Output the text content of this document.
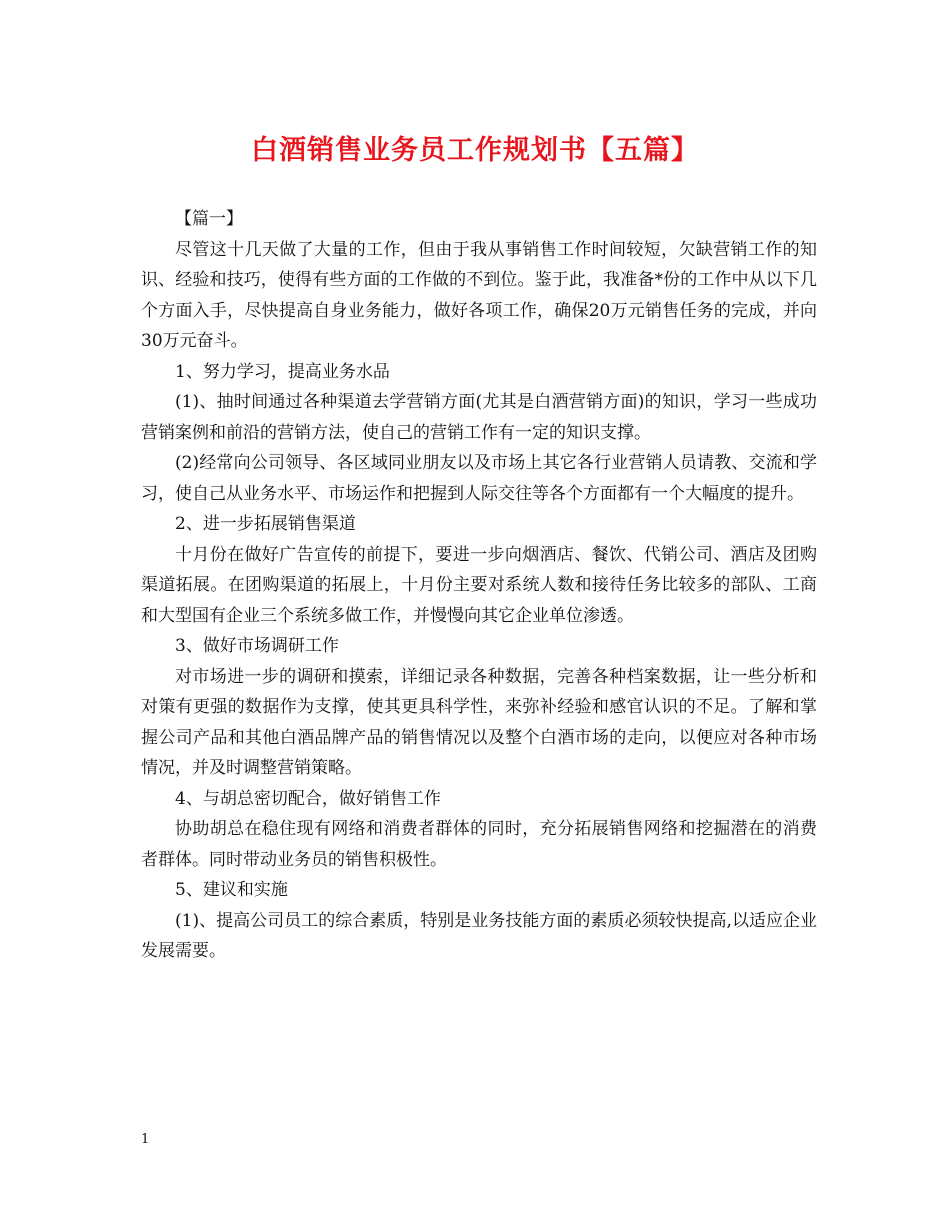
白酒销售业务员工作规划书【五篇】

【篇一】

尽管这十几天做了大量的工作，但由于我从事销售工作时间较短，欠缺营销工作的知识、经验和技巧，使得有些方面的工作做的不到位。鉴于此，我准备*份的工作中从以下几个方面入手，尽快提高自身业务能力，做好各项工作，确保20万元销售任务的完成，并向30万元奋斗。

1、努力学习，提高业务水品

(1)、抽时间通过各种渠道去学营销方面(尤其是白酒营销方面)的知识，学习一些成功营销案例和前沿的营销方法，使自己的营销工作有一定的知识支撑。

(2)经常向公司领导、各区域同业朋友以及市场上其它各行业营销人员请教、交流和学习，使自己从业务水平、市场运作和把握到人际交往等各个方面都有一个大幅度的提升。

2、进一步拓展销售渠道

十月份在做好广告宣传的前提下，要进一步向烟酒店、餐饮、代销公司、酒店及团购渠道拓展。在团购渠道的拓展上，十月份主要对系统人数和接待任务比较多的部队、工商和大型国有企业三个系统多做工作，并慢慢向其它企业单位渗透。

3、做好市场调研工作

对市场进一步的调研和摸索，详细记录各种数据，完善各种档案数据，让一些分析和对策有更强的数据作为支撑，使其更具科学性，来弥补经验和感官认识的不足。了解和掌握公司产品和其他白酒品牌产品的销售情况以及整个白酒市场的走向，以便应对各种市场情况，并及时调整营销策略。

4、与胡总密切配合，做好销售工作

协助胡总在稳住现有网络和消费者群体的同时，充分拓展销售网络和挖掘潜在的消费者群体。同时带动业务员的销售积极性。

5、建议和实施

(1)、提高公司员工的综合素质，特别是业务技能方面的素质必须较快提高,以适应企业发展需要。

1
